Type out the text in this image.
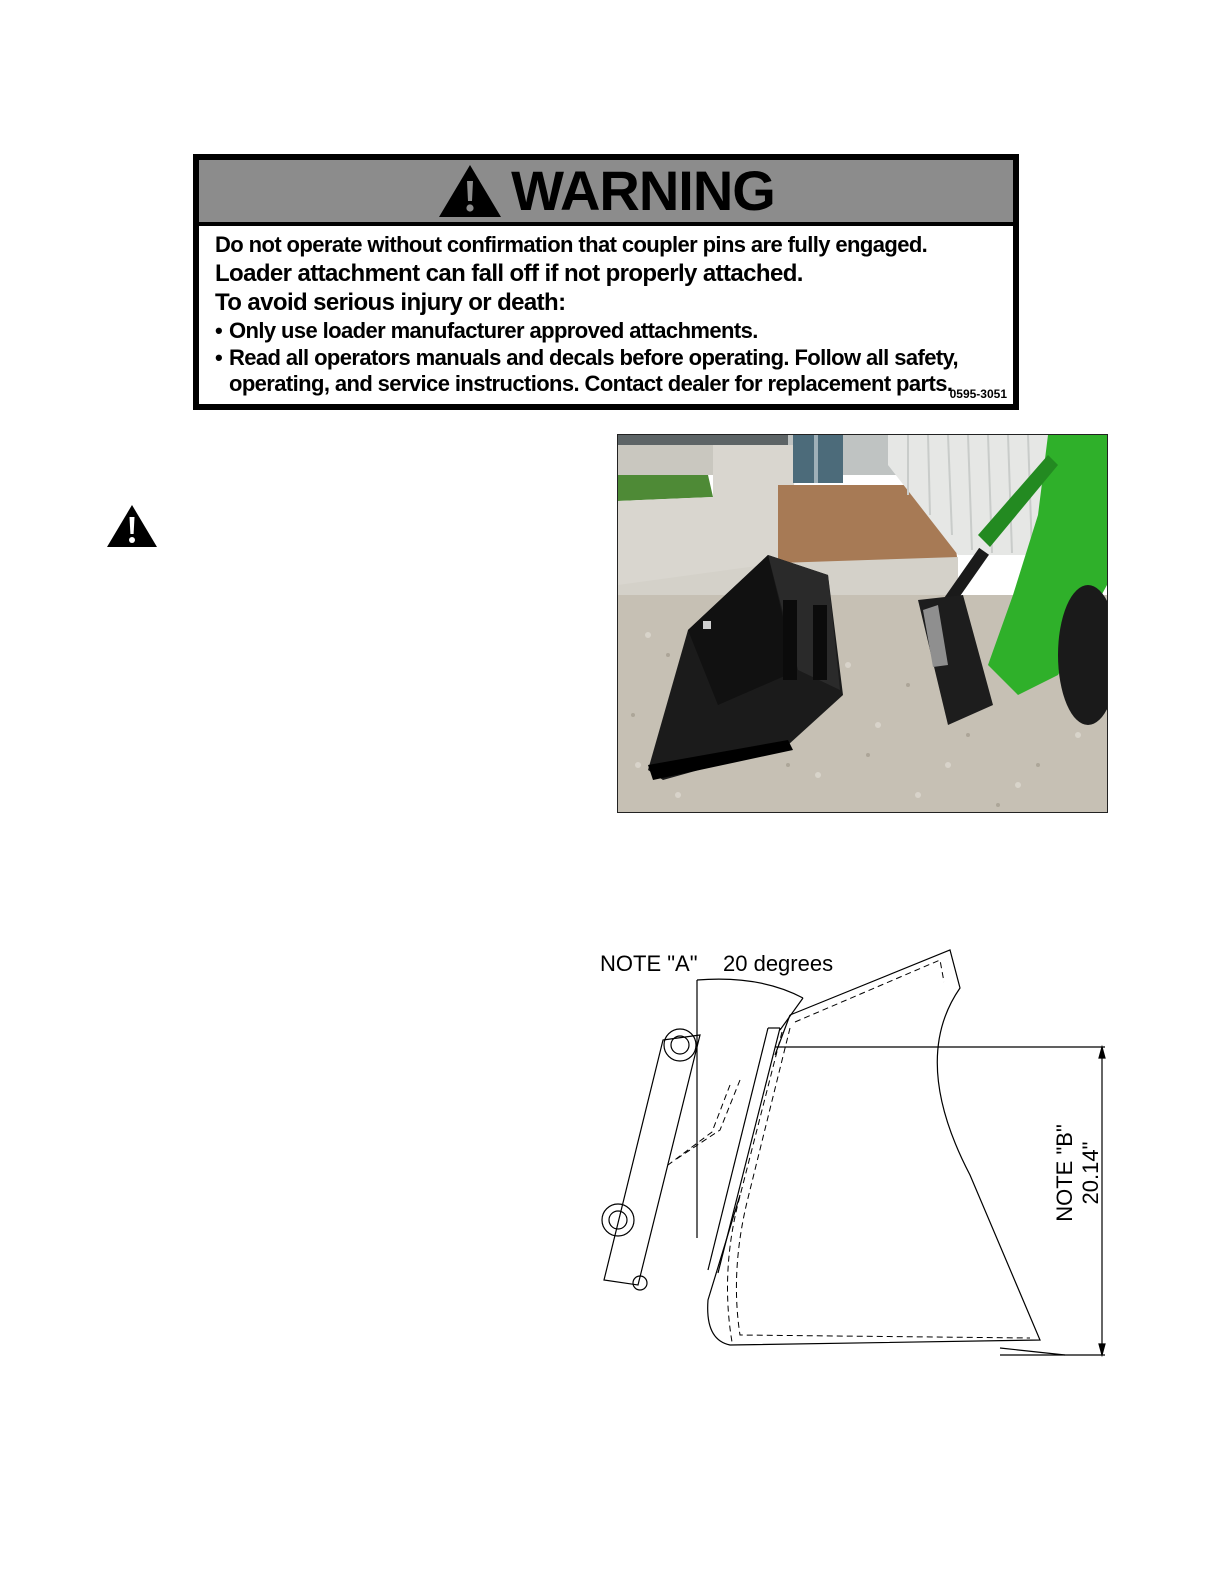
WARNING
Do not operate without confirmation that coupler pins are fully engaged.
Loader attachment can fall off if not properly attached.
To avoid serious injury or death:
• Only use loader manufacturer approved attachments.
• Read all operators manuals and decals before operating. Follow all safety,
operating, and service instructions. Contact dealer for replacement parts.
0595-3051
NOTE "A" 20 degrees
NOTE "B" 20.14"
